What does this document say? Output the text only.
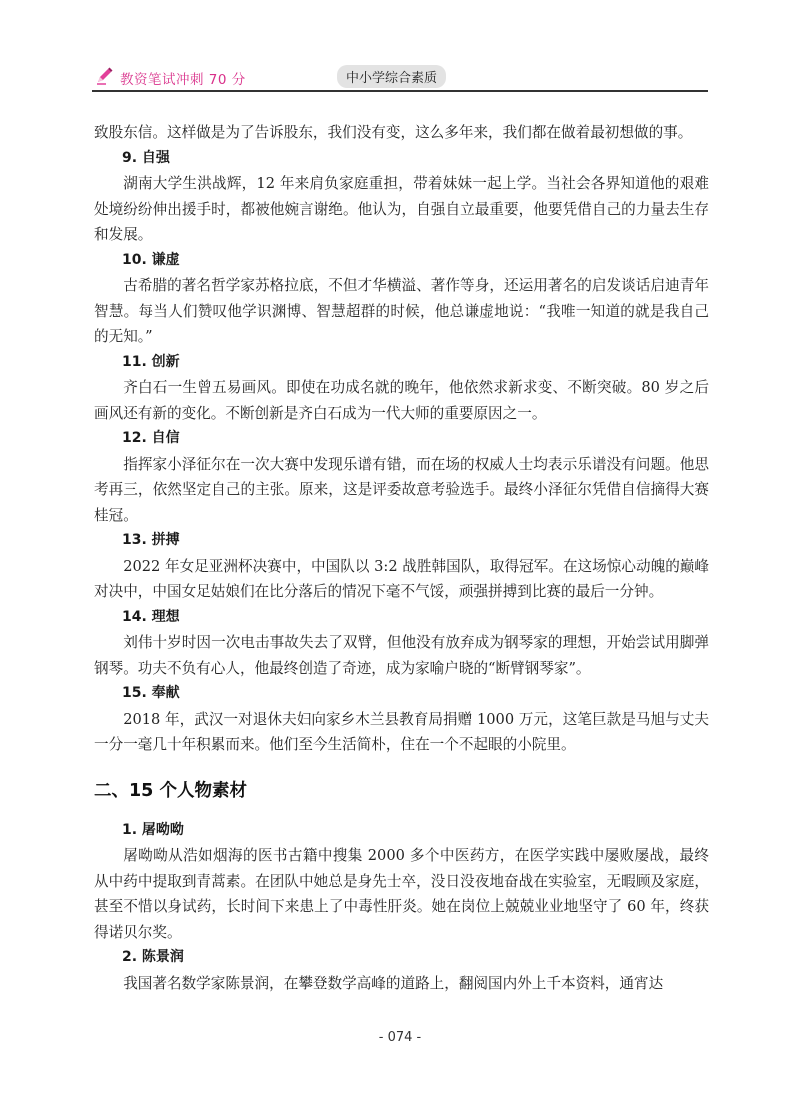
教资笔试冲刺 70 分	中小学综合素质

致股东信。这样做是为了告诉股东，我们没有变，这么多年来，我们都在做着最初想做的事。

9. 自强

湖南大学生洪战辉，12 年来肩负家庭重担，带着妹妹一起上学。当社会各界知道他的艰难处境纷纷伸出援手时，都被他婉言谢绝。他认为，自强自立最重要，他要凭借自己的力量去生存和发展。

10. 谦虚

古希腊的著名哲学家苏格拉底，不但才华横溢、著作等身，还运用著名的启发谈话启迪青年智慧。每当人们赞叹他学识渊博、智慧超群的时候，他总谦虚地说：“我唯一知道的就是我自己的无知。”

11. 创新

齐白石一生曾五易画风。即使在功成名就的晚年，他依然求新求变、不断突破。80 岁之后画风还有新的变化。不断创新是齐白石成为一代大师的重要原因之一。

12. 自信

指挥家小泽征尔在一次大赛中发现乐谱有错，而在场的权威人士均表示乐谱没有问题。他思考再三，依然坚定自己的主张。原来，这是评委故意考验选手。最终小泽征尔凭借自信摘得大赛桂冠。

13. 拼搏

2022 年女足亚洲杯决赛中，中国队以 3:2 战胜韩国队，取得冠军。在这场惊心动魄的巅峰对决中，中国女足姑娘们在比分落后的情况下毫不气馁，顽强拼搏到比赛的最后一分钟。

14. 理想

刘伟十岁时因一次电击事故失去了双臂，但他没有放弃成为钢琴家的理想，开始尝试用脚弹钢琴。功夫不负有心人，他最终创造了奇迹，成为家喻户晓的“断臂钢琴家”。

15. 奉献

2018 年，武汉一对退休夫妇向家乡木兰县教育局捐赠 1000 万元，这笔巨款是马旭与丈夫一分一毫几十年积累而来。他们至今生活简朴，住在一个不起眼的小院里。

二、15 个人物素材

1. 屠呦呦

屠呦呦从浩如烟海的医书古籍中搜集 2000 多个中医药方，在医学实践中屡败屡战，最终从中药中提取到青蒿素。在团队中她总是身先士卒，没日没夜地奋战在实验室，无暇顾及家庭，甚至不惜以身试药，长时间下来患上了中毒性肝炎。她在岗位上兢兢业业地坚守了 60 年，终获得诺贝尔奖。

2. 陈景润

我国著名数学家陈景润，在攀登数学高峰的道路上，翻阅国内外上千本资料，通宵达

- 074 -
